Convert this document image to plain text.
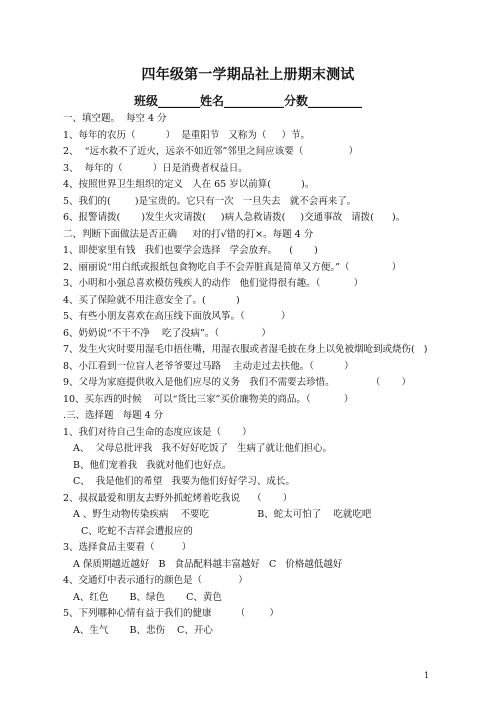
四年级第一学期品社上册期末测试
班级_______姓名__________分数_________
一、填空题。  每空 4 分
1、每年的农历（          ）  是重阳节   又称为（     ）节。
2、  “远水救不了近火，远亲不如近邻”邻里之间应该要（               ）
3、  每年的（          ）日是消费者权益日。
4、按照世界卫生组织的定义   人在 65 岁以前算(          )。
5、我们的(        )是宝贵的。它只有一次   一旦失去   就不会再来了。
6、报警请拨(       )发生火灾请拨(     )病人急救请拨(     )交通事故   请拨(      )。
二、判断下面做法是否正确     对的打√错的打×。每题 4 分
1、即使家里有钱   我们也要学会选择   学会放弃。    (       )
2、丽丽说“用白纸或报纸包食物吃自手不会弄脏真是简单又方便。”（              ）
3、小明和小强总喜欢模仿残疾人的动作   他们觉得很有趣。（           ）
4、买了保险就不用注意安全了。(          )
5、有些小朋友喜欢在高压线下面放风筝。（            ）
6、奶奶说“不干不净    吃了没病”。（              ）
7、发生火灾时要用湿毛巾捂住嘴，用湿衣服或者湿毛披在身上以免被烟呛到或烧伤(   )
8、小江看到一位盲人老爷爷要过马路    主动走过去扶他。（          ）
9、父母为家庭提供收入是他们应尽的义务   我们不需要去珍惜。            （       ）
10、买东西的时候    可以“货比三家”买价廉物美的商品。（           ）
.三、选择题   每题 4 分
1、我们对待自己生命的态度应该是（       ）
A、  父母总批评我   我不好好吃饭了   生病了就让他们担心。
B、他们宠着我   我就对他们也好点。
C、  我是他们的希望   我要为他们好好学习、成长。
2、叔叔最爱和朋友去野外抓蛇烤着吃我说    （       ）
A 、野生动物传染疾病    不要吃                B、蛇太可怕了    吃就吃吧
C、吃蛇不吉祥会遭报应的
3、选择食品主要看（         ）
A 保质期越近越好   B   食品配料越丰富越好   C   价格越低越好
4、交通灯中表示通行的颜色是（            ）
A、红色       B、绿色       C、黄色
5、下列哪种心情有益于我们的健康        （        ）
A、生气       B、悲伤    C、开心
1
